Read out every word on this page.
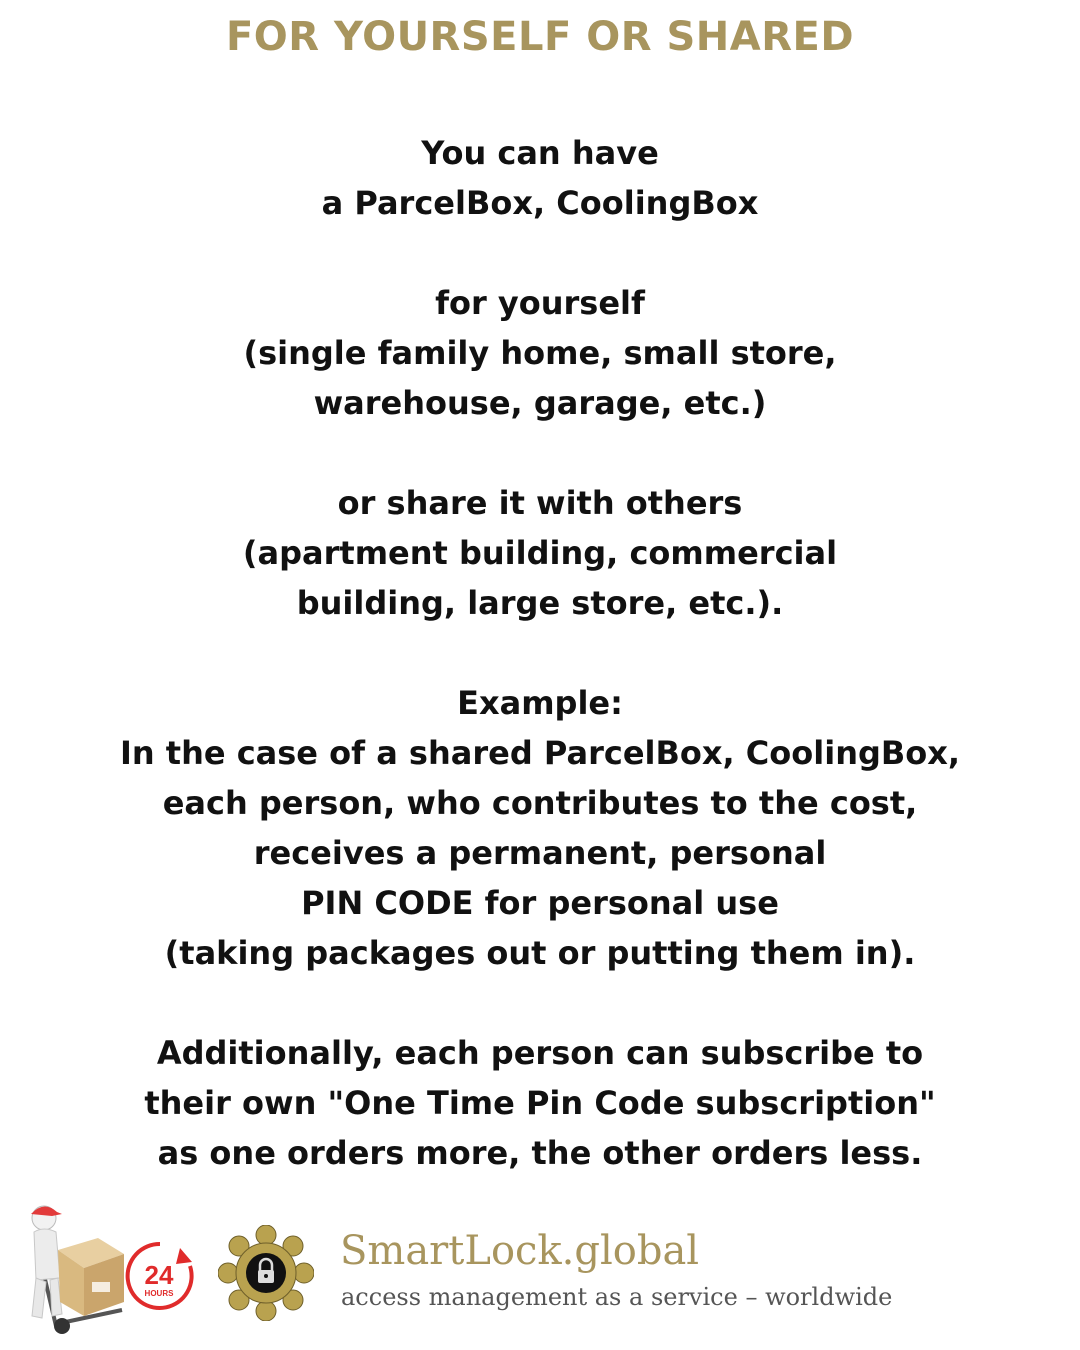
FOR YOURSELF OR SHARED
You can have
a ParcelBox, CoolingBox
for yourself
(single family home, small store,
warehouse, garage, etc.)
or share it with others
(apartment building, commercial
building, large store, etc.).
Example:
In the case of a shared ParcelBox, CoolingBox,
each person, who contributes to the cost,
receives a permanent, personal
PIN CODE for personal use
(taking packages out or putting them in).
Additionally, each person can subscribe to
their own "One Time Pin Code subscription"
as one orders more, the other orders less.
24
HOURS
SmartLock.global
access management as a service – worldwide
